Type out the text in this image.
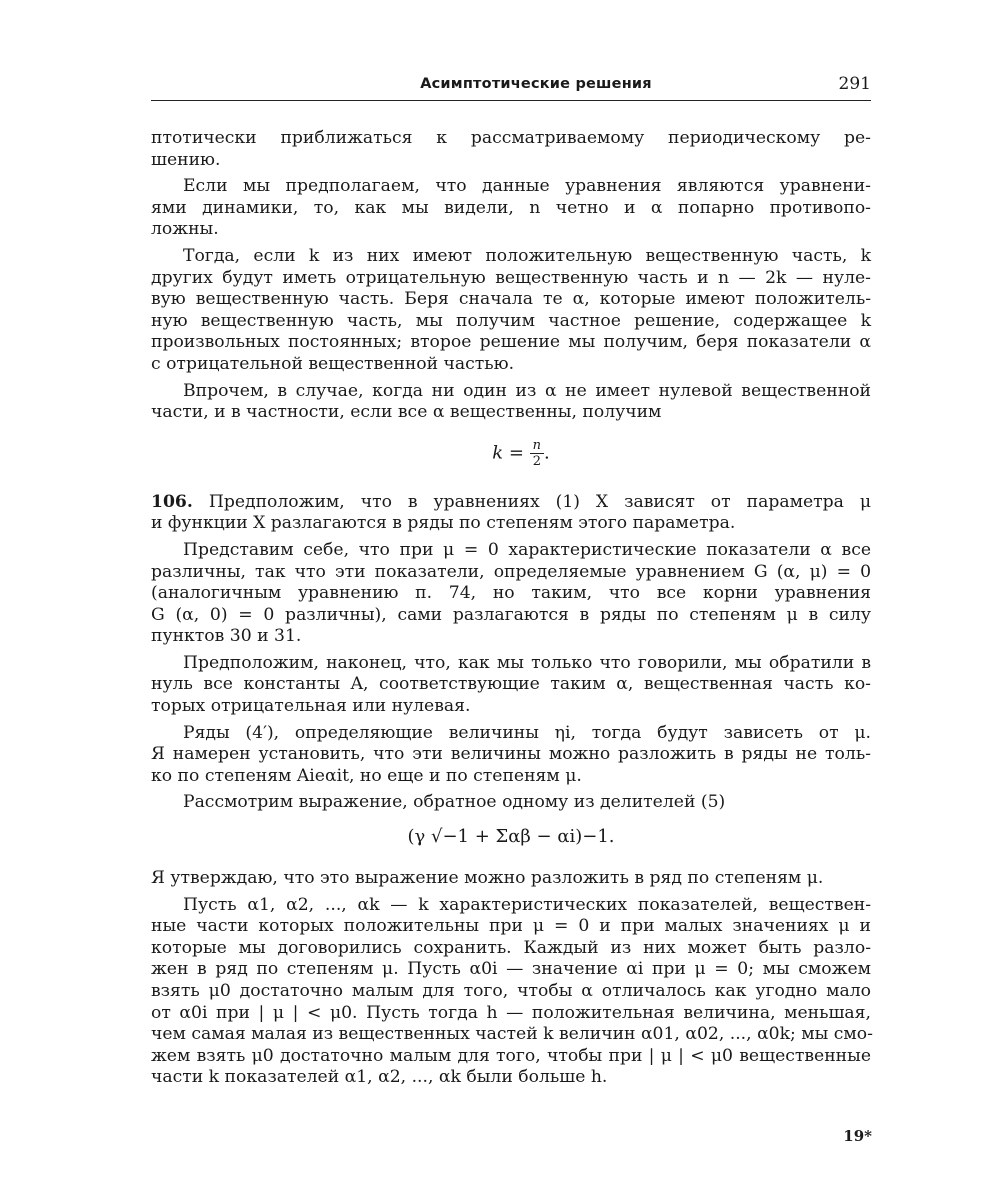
Асимптотические решения	291
птотически приближаться к рассматриваемому периодическому ре-
шению.
Если мы предполагаем, что данные уравнения являются уравнени-
ями динамики, то, как мы видели, n четно и α попарно противопо-
ложны.
Тогда, если k из них имеют положительную вещественную часть, k
других будут иметь отрицательную вещественную часть и n — 2k — нуле-
вую вещественную часть. Беря сначала те α, которые имеют положитель-
ную вещественную часть, мы получим частное решение, содержащее k
произвольных постоянных; второе решение мы получим, беря показатели α
с отрицательной вещественной частью.
Впрочем, в случае, когда ни один из α не имеет нулевой вещественной
части, и в частности, если все α вещественны, получим
$k = \frac{n}{2}$ .
106. Предположим, что в уравнениях (1) X зависят от параметра μ
и функции X разлагаются в ряды по степеням этого параметра.
Представим себе, что при μ = 0 характеристические показатели α все
различны, так что эти показатели, определяемые уравнением G (α, μ) = 0
(аналогичным уравнению п. 74, но таким, что все корни уравнения
G (α, 0) = 0 различны), сами разлагаются в ряды по степеням μ в силу
пунктов 30 и 31.
Предположим, наконец, что, как мы только что говорили, мы обратили в
нуль все константы A, соответствующие таким α, вещественная часть ко-
торых отрицательная или нулевая.
Ряды (4′), определяющие величины ηi, тогда будут зависеть от μ.
Я намерен установить, что эти величины можно разложить в ряды не толь-
ко по степеням Aieαit, но еще и по степеням μ.
Рассмотрим выражение, обратное одному из делителей (5)
(γ √−1 + Σαβ − αi)−1.
Я утверждаю, что это выражение можно разложить в ряд по степеням μ.
Пусть α1, α2, ..., αk — k характеристических показателей, веществен-
ные части которых положительны при μ = 0 и при малых значениях μ и
которые мы договорились сохранить. Каждый из них может быть разло-
жен в ряд по степеням μ. Пусть α0i — значение αi при μ = 0; мы сможем
взять μ0 достаточно малым для того, чтобы α отличалось как угодно мало
от α0i при | μ | < μ0. Пусть тогда h — положительная величина, меньшая,
чем самая малая из вещественных частей k величин α01, α02, ..., α0k; мы смо-
жем взять μ0 достаточно малым для того, чтобы при | μ | < μ0 вещественные
части k показателей α1, α2, ..., αk были больше h.
19*
